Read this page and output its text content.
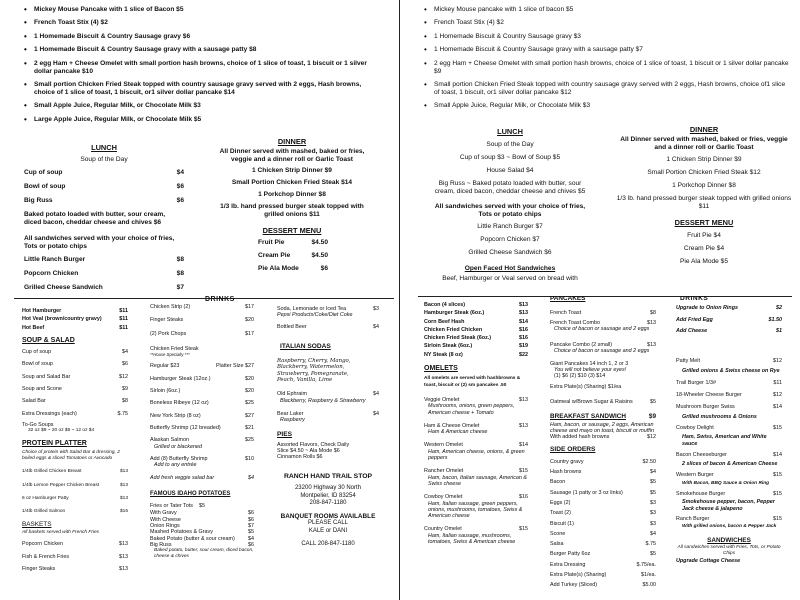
• Mickey Mouse Pancake with 1 slice of Bacon $5

• French Toast Stix (4) $2

• 1 Homemade Biscuit & Country Sausage gravy $6

• 1 Homemade Biscuit & Country Sausage gravy with a sausage patty $8

• 2 egg Ham + Cheese Omelet with small portion hash browns, choice of 1 slice of toast, 1 biscuit or 1 silver dollar pancake $10

• Small portion Chicken Fried Steak topped with country sausage gravy served with 2 eggs, Hash browns, choice of 1 slice of toast, 1 biscuit, or1 silver dollar pancake $14

• Small Apple Juice, Regular Milk, or Chocolate Milk $3

• Large Apple Juice, Regular Milk, or Chocolate Milk $5

LUNCH

Soup of the Day

Cup of soup	$4
Bowl of soup	$6
Big Russ	$6

Baked potato loaded with butter, sour cream, diced bacon, cheddar cheese and chives $6

All sandwiches served with your choice of fries, Tots or potato chips

Little Ranch Burger	$8
Popcorn Chicken	$8
Grilled Cheese Sandwich	$7

DINNER

All Dinner served with mashed, baked or fries, veggie and a dinner roll or Garlic Toast

1 Chicken Strip Dinner $9

Small Portion Chicken Fried Steak $14

1 Porkchop Dinner $8

1/3 lb. hand pressed burger steak topped with grilled onions $11

DESSERT MENU

Fruit Pie	$4.50
Cream Pie	$4.50
Pie Ala Mode	$6

• Mickey Mouse pancake with 1 slice of bacon $5

• French Toast Stix (4) $2

• 1 Homemade Biscuit & Country Sausage gravy $3

• 1 Homemade Biscuit & Country Sausage gravy with a sausage patty $7

• 2 egg Ham + Cheese Omelet with small portion hash browns, choice of 1 slice of toast, 1 biscuit or 1 silver dollar pancake $9

• Small portion Chicken Fried Steak topped with country sausage gravy served with 2 eggs, Hash browns, choice of1 slice of toast, 1 biscuit, or1 silver dollar pancake $12

• Small Apple Juice, Regular Milk, or Chocolate Milk $3

LUNCH

Soup of the Day

Cup of soup $3 ~ Bowl of Soup $5

House Salad $4

Big Russ ~ Baked potato loaded with butter, sour cream, diced bacon, cheddar cheese and chives $5

All sandwiches served with your choice of fries, Tots or potato chips

Little Ranch Burger $7

Popcorn Chicken $7

Grilled Cheese Sandwich $6

Open Faced Hot Sandwiches

Beef, Hamburger or Veal served on bread with

DINNER

All Dinner served with mashed, baked or fries, veggie and a dinner roll or Garlic Toast

1 Chicken Strip Dinner $9

Small Portion Chicken Fried Steak $12

1 Porkchop Dinner $8

1/3 lb. hand pressed burger steak topped with grilled onions $11

DESSERT MENU

Fruit Pie $4

Cream Pie $4

Pie Ala Mode $5

DRINKS

Hot Hamburger	$11
Hot Veal (brown/country gravy)	$11
Hot Beef	$11

SOUP & SALAD

Cup of soup	$4
Bowl of soup	$6
Soup and Salad Bar	$12
Soup and Scone	$9
Salad Bar	$8
Extra Dressings (each)	$.75

To-Go Soups

32 oz $8 ~ 20 oz $6 ~ 12 oz $4

PROTEIN PLATTER

Choice of protein with Salad Bar & dressing, 2 boiled eggs & sliced Tomatoes or Avocado

1/4lb Grilled Chicken Breast	$13
1/4lb Lemon Pepper Chicken Breast	$13
6 oz Hamburger Patty	$13
1/4lb Grilled Salmon	$16

BASKETS

All baskets served with French Fries

Popcorn Chicken	$13
Fish & French Fries	$13
Finger Steaks	$13
Chicken Strip (2)	$17
Finger Steaks	$20
(2) Pork Chops	$17

Chicken Fried Steak

**House Specialty ***

Regular $23	Platter Size $27
Hamburger Steak (12oz.)	$20
Sirloin (6oz.)	$20
Boneless Ribeye (12 oz)	$25
New York Strip (8 oz)	$27
Butterfly Shrimp (12 breaded)	$21
Alaskan Salmon	$25

Grilled or blackened

Add (8) Butterfly Shrimp	$10

Add to any entrée

Add fresh veggie salad bar	$4

FAMOUS IDAHO POTATOES

Fries or Tater Tots $5
With Gravy	$6
With Cheese	$6
Onion Rings	$7
Mashed Potatoes & Gravy	$5
Baked Potato (butter & sour cream)	$4
Big Russ	$6

Baked potato, butter, sour cream, diced bacon, cheese & chives

Soda, Lemonade or Iced Tea	$3

Pepsi Products/Coke/Diet Coke

Bottled Beer	$4
ITALIAN SODAS

Raspberry, Cherry, Mango, Blackberry, Watermelon, Strawberry, Pomegranate, Peach, Vanilla, Lime

Old Ephraim	$4

Blackberry, Raspberry & Strawberry

Bear Laker	$4

Raspberry

PIES

Assorted Flavors, Check Daily

Slice $4.50 ~ Ala Mode $6

Cinnamon Rolls $6

RANCH HAND TRAIL STOP

23200 Highway 30 North

Montpelier, ID 83254

208-847-1180

BANQUET ROOMS AVAILABLE

PLEASE CALL

KALE or DANI

CALL 208-847-1180

Bacon (4 slices)	$13
Hamburger Steak (6oz.)	$13
Corn Beef Hash	$14
Chicken Fried Chicken	$16
Chicken Fried Steak (6oz.)	$16
Sirloin Steak (6oz.)	$19
NY Steak (8 oz)	$22

OMELETS

All omelets are served with hashbrowns & toast, biscuit or (2) sm pancakes .50

Veggie Omelet	$13

Mushrooms, onions, green peppers, American cheese + Tomato

Ham & Cheese Omelet	$13

Ham & American cheese

Western Omelet	$14

Ham, American cheese, onions, & green peppers

Rancher Omelet	$15

Ham, bacon, Italian sausage, American & Swiss cheese

Cowboy Omelet	$16

Ham, Italian sausage, green peppers, onions, mushrooms, tomatoes, Swiss & American cheese

Country Omelet	$15

Ham, Italian sausage, mushrooms, tomatoes, Swiss & American cheese

PANCAKES

French Toast	$8
French Toast Combo	$13

Choice of bacon or sausage and 2 eggs

Pancake Combo (2 small)	$13

Choice of bacon or sausage and 2 eggs

Giant Pancakes 14 inch 1, 2 or 3

You will not believe your eyes!

(1) $6 (2) $10 (3) $14

Extra Plate(s) (Sharing) $1/ea

Oatmeal w/Brown Sugar & Raisins	$5
BREAKFAST SANDWICH	$9

Ham, bacon, or sausage, 2 eggs, American cheese and mayo on toast, biscuit or muffin

With added hash browns	$12

SIDE ORDERS

Country gravy	$2.50
Hash browns	$4
Bacon	$5
Sausage (1 patty or 3 oz links)	$5
Eggs (2)	$3
Toast (2)	$3
Biscuit (1)	$3
Scone	$4
Salsa	$.75
Burger Patty 6oz	$5
Extra Dressing	$.75/ea.
Extra Plate(s) (Sharing)	$1/ea.
Add Turkey (Sliced)	$5.00

DRINKS

Upgrade to Onion Rings	$2
Add Fried Egg	$1.50
Add Cheese	$1
Patty Melt	$12

Grilled onions & Swiss cheese on Rye

Trail Burger 1/3#	$11
18-Wheeler Cheese Burger	$12
Mushroom Burger Swiss	$14

Grilled mushrooms & Onions

Cowboy Delight	$15

Ham, Swiss, American and White sauce

Bacon Cheeseburger	$14

2 slices of bacon & American Cheese

Western Burger	$15

With Bacon, BBQ Sauce & Onion Ring

Smokehouse Burger	$15

Smokehouse pepper, bacon, Pepper Jack cheese & jalapeno

Ranch Burger	$15

With grilled onions, bacon & Pepper Jack

SANDWICHES

All sandwiches served with Fries, Tots, or Potato Chips

Upgrade Cottage Cheese
